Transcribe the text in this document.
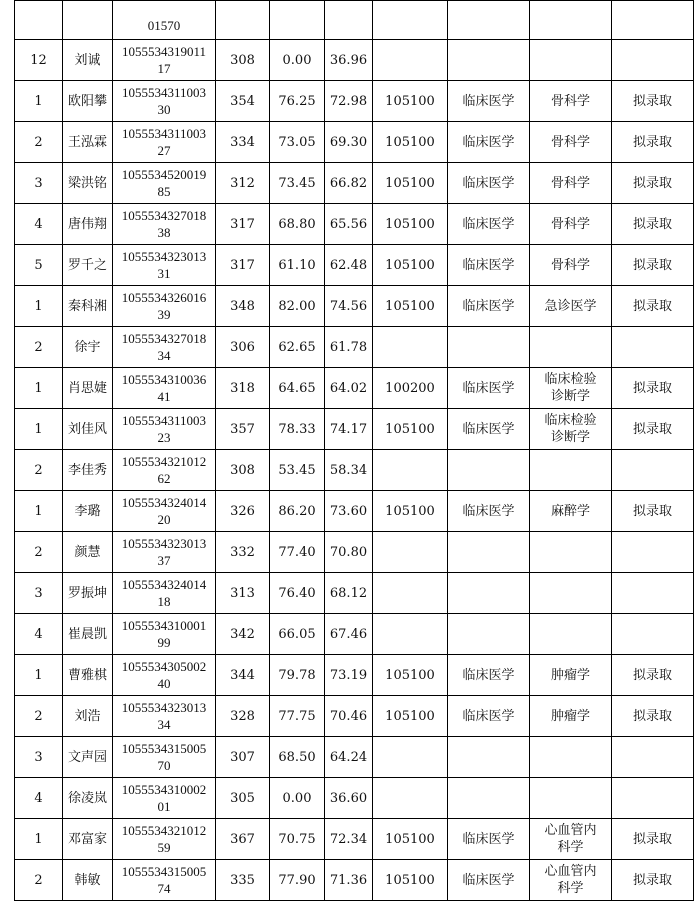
		01570							
12	刘诚	105553431901117	308	0.00	36.96				
1	欧阳攀	105553431100330	354	76.25	72.98	105100	临床医学	骨科学	拟录取
2	王泓霖	105553431100327	334	73.05	69.30	105100	临床医学	骨科学	拟录取
3	梁洪铭	105553452001985	312	73.45	66.82	105100	临床医学	骨科学	拟录取
4	唐伟翔	105553432701838	317	68.80	65.56	105100	临床医学	骨科学	拟录取
5	罗千之	105553432301331	317	61.10	62.48	105100	临床医学	骨科学	拟录取
1	秦科湘	105553432601639	348	82.00	74.56	105100	临床医学	急诊医学	拟录取
2	徐宇	105553432701834	306	62.65	61.78				
1	肖思婕	105553431003641	318	64.65	64.02	100200	临床医学	临床检验诊断学	拟录取
1	刘佳风	105553431100323	357	78.33	74.17	105100	临床医学	临床检验诊断学	拟录取
2	李佳秀	105553432101262	308	53.45	58.34				
1	李璐	105553432401420	326	86.20	73.60	105100	临床医学	麻醉学	拟录取
2	颜慧	105553432301337	332	77.40	70.80				
3	罗振坤	105553432401418	313	76.40	68.12				
4	崔晨凯	105553431000199	342	66.05	67.46				
1	曹雅棋	105553430500240	344	79.78	73.19	105100	临床医学	肿瘤学	拟录取
2	刘浩	105553432301334	328	77.75	70.46	105100	临床医学	肿瘤学	拟录取
3	文声园	105553431500570	307	68.50	64.24				
4	徐凌岚	105553431000201	305	0.00	36.60				
1	邓富家	105553432101259	367	70.75	72.34	105100	临床医学	心血管内科学	拟录取
2	韩敏	105553431500574	335	77.90	71.36	105100	临床医学	心血管内科学	拟录取
